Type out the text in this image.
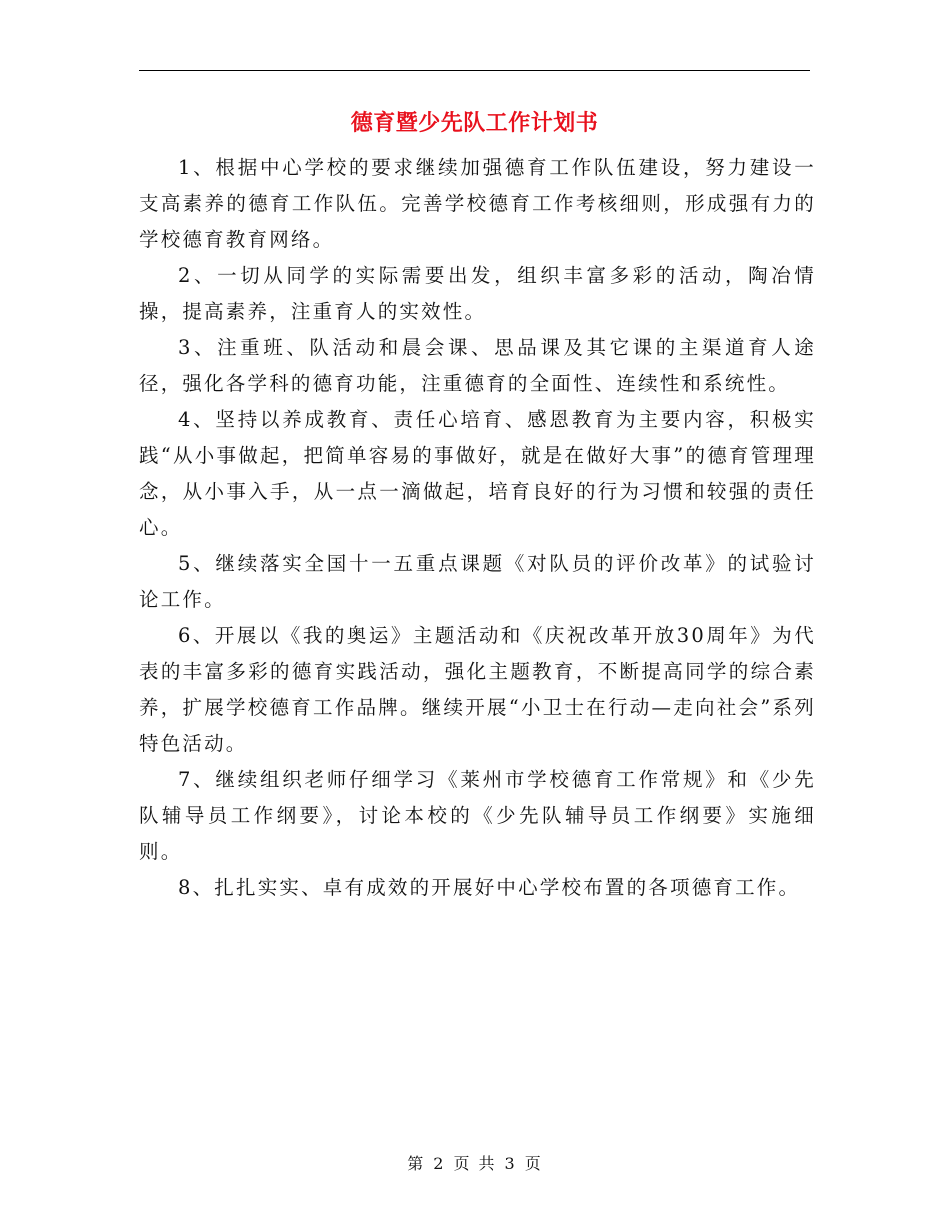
德育暨少先队工作计划书

1、根据中心学校的要求继续加强德育工作队伍建设，努力建设一支高素养的德育工作队伍。完善学校德育工作考核细则，形成强有力的学校德育教育网络。

2、一切从同学的实际需要出发，组织丰富多彩的活动，陶冶情操，提高素养，注重育人的实效性。

3、注重班、队活动和晨会课、思品课及其它课的主渠道育人途径，强化各学科的德育功能，注重德育的全面性、连续性和系统性。

4、坚持以养成教育、责任心培育、感恩教育为主要内容，积极实践“从小事做起，把简单容易的事做好，就是在做好大事”的德育管理理念，从小事入手，从一点一滴做起，培育良好的行为习惯和较强的责任心。

5、继续落实全国十一五重点课题《对队员的评价改革》的试验讨论工作。

6、开展以《我的奥运》主题活动和《庆祝改革开放30周年》为代表的丰富多彩的德育实践活动，强化主题教育，不断提高同学的综合素养，扩展学校德育工作品牌。继续开展“小卫士在行动—走向社会”系列特色活动。

7、继续组织老师仔细学习《莱州市学校德育工作常规》和《少先队辅导员工作纲要》，讨论本校的《少先队辅导员工作纲要》实施细则。

8、扎扎实实、卓有成效的开展好中心学校布置的各项德育工作。

第 2 页 共 3 页
